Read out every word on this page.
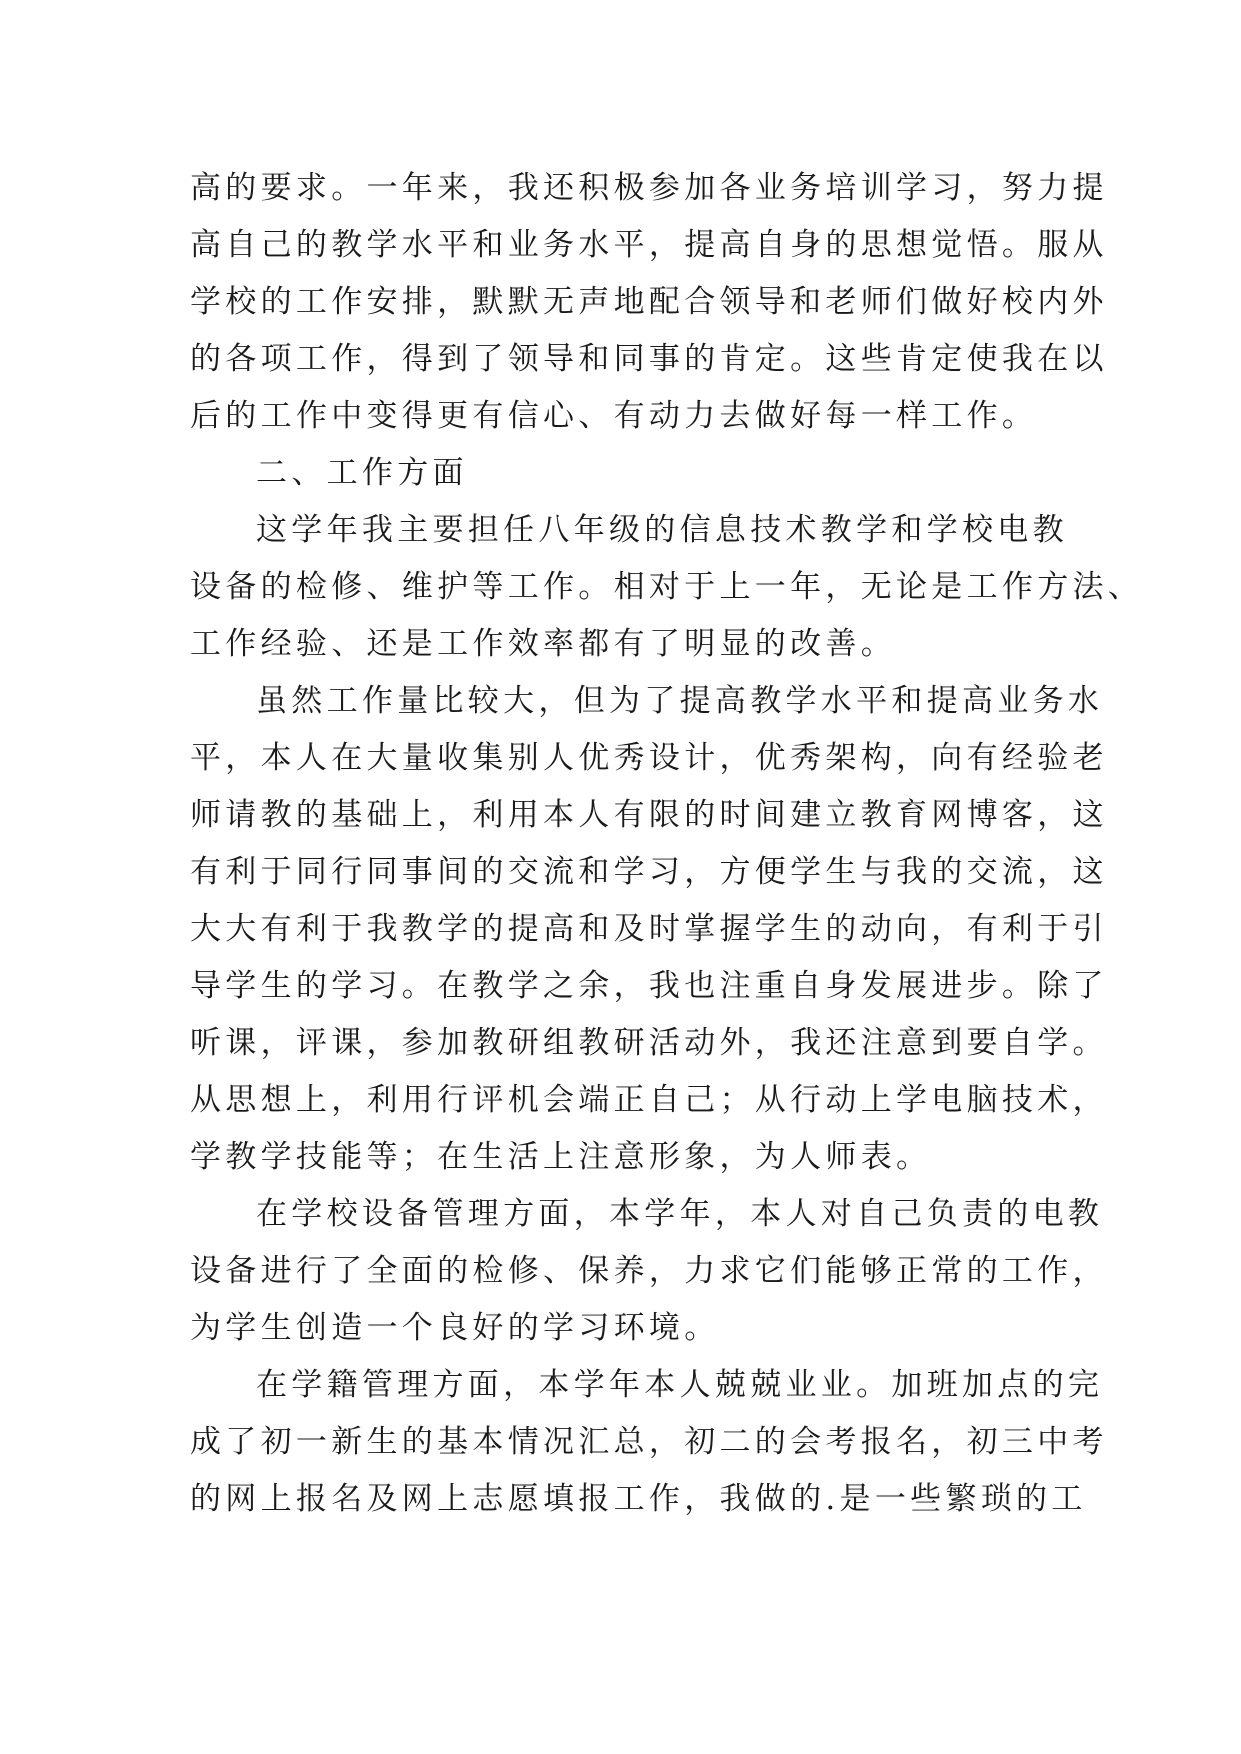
高的要求。一年来，我还积极参加各业务培训学习，努力提
高自己的教学水平和业务水平，提高自身的思想觉悟。服从
学校的工作安排，默默无声地配合领导和老师们做好校内外
的各项工作，得到了领导和同事的肯定。这些肯定使我在以
后的工作中变得更有信心、有动力去做好每一样工作。
二、工作方面
这学年我主要担任八年级的信息技术教学和学校电教
设备的检修、维护等工作。相对于上一年，无论是工作方法、
工作经验、还是工作效率都有了明显的改善。
虽然工作量比较大，但为了提高教学水平和提高业务水
平，本人在大量收集别人优秀设计，优秀架构，向有经验老
师请教的基础上，利用本人有限的时间建立教育网博客，这
有利于同行同事间的交流和学习，方便学生与我的交流，这
大大有利于我教学的提高和及时掌握学生的动向，有利于引
导学生的学习。在教学之余，我也注重自身发展进步。除了
听课，评课，参加教研组教研活动外，我还注意到要自学。
从思想上，利用行评机会端正自己；从行动上学电脑技术，
学教学技能等；在生活上注意形象，为人师表。
在学校设备管理方面，本学年，本人对自己负责的电教
设备进行了全面的检修、保养，力求它们能够正常的工作，
为学生创造一个良好的学习环境。
在学籍管理方面，本学年本人兢兢业业。加班加点的完
成了初一新生的基本情况汇总，初二的会考报名，初三中考
的网上报名及网上志愿填报工作，我做的.是一些繁琐的工
